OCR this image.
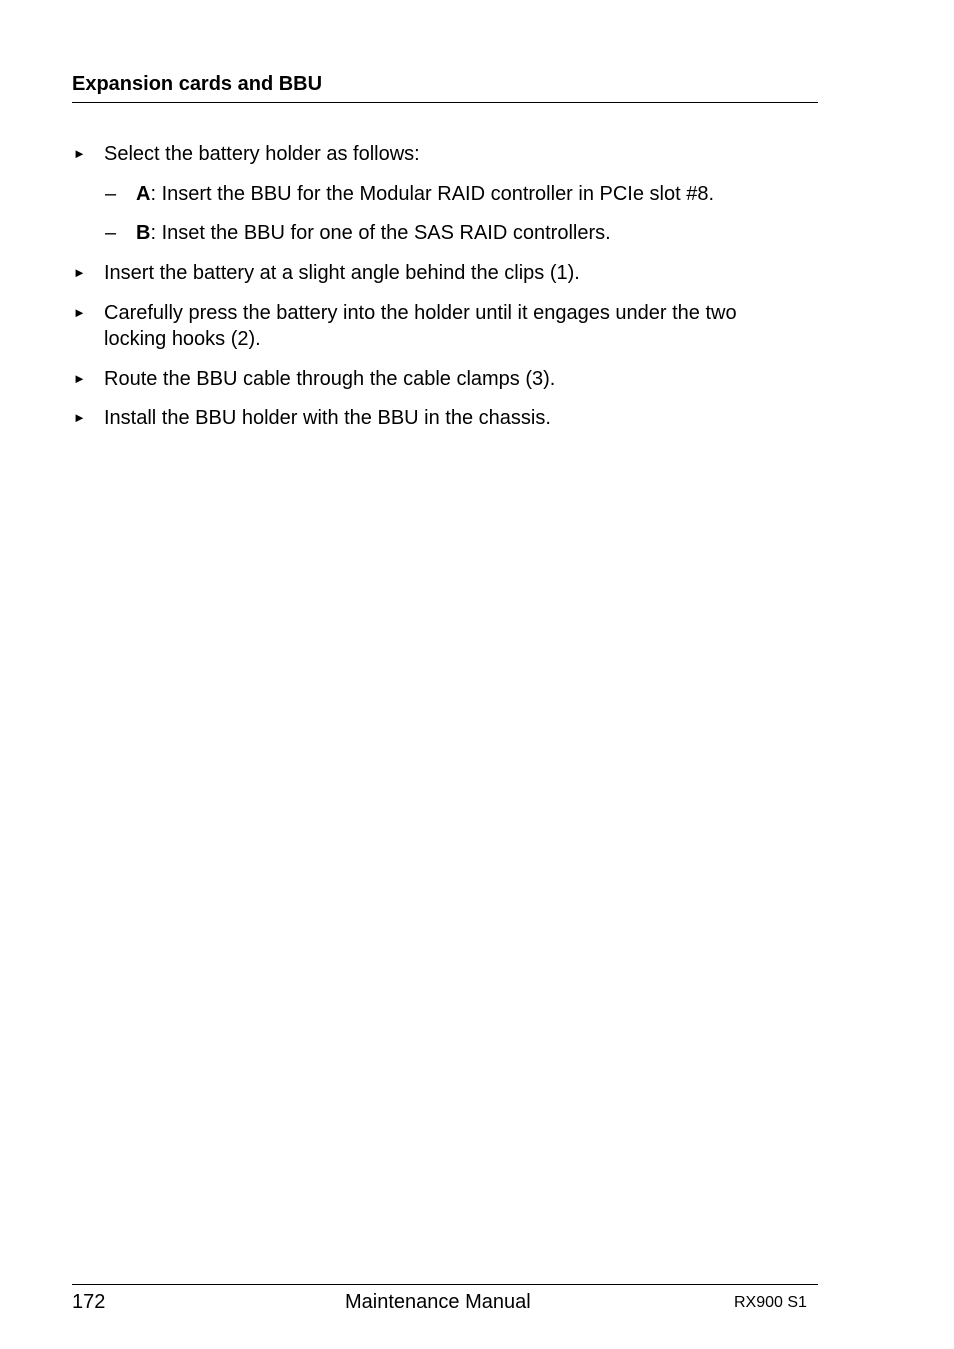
Expansion cards and BBU
► Select the battery holder as follows:
– A: Insert the BBU for the Modular RAID controller in PCIe slot #8.
– B: Inset the BBU for one of the SAS RAID controllers.
► Insert the battery at a slight angle behind the clips (1).
► Carefully press the battery into the holder until it engages under the two
locking hooks (2).
► Route the BBU cable through the cable clamps (3).
► Install the BBU holder with the BBU in the chassis.
172	Maintenance Manual	RX900 S1
